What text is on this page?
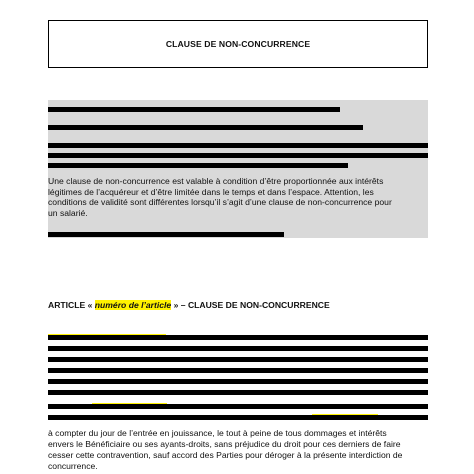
CLAUSE DE NON-CONCURRENCE
Une clause de non-concurrence est valable à condition d’être proportionnée aux intérêts
légitimes de l’acquéreur et d’être limitée dans le temps et dans l’espace. Attention, les
conditions de validité sont différentes lorsqu’il s’agit d’une clause de non-concurrence pour
un salarié.
ARTICLE « numéro de l’article » – CLAUSE DE NON-CONCURRENCE
à compter du jour de l’entrée en jouissance, le tout à peine de tous dommages et intérêts
envers le Bénéficiaire ou ses ayants-droits, sans préjudice du droit pour ces derniers de faire
cesser cette contravention, sauf accord des Parties pour déroger à la présente interdiction de
concurrence.
